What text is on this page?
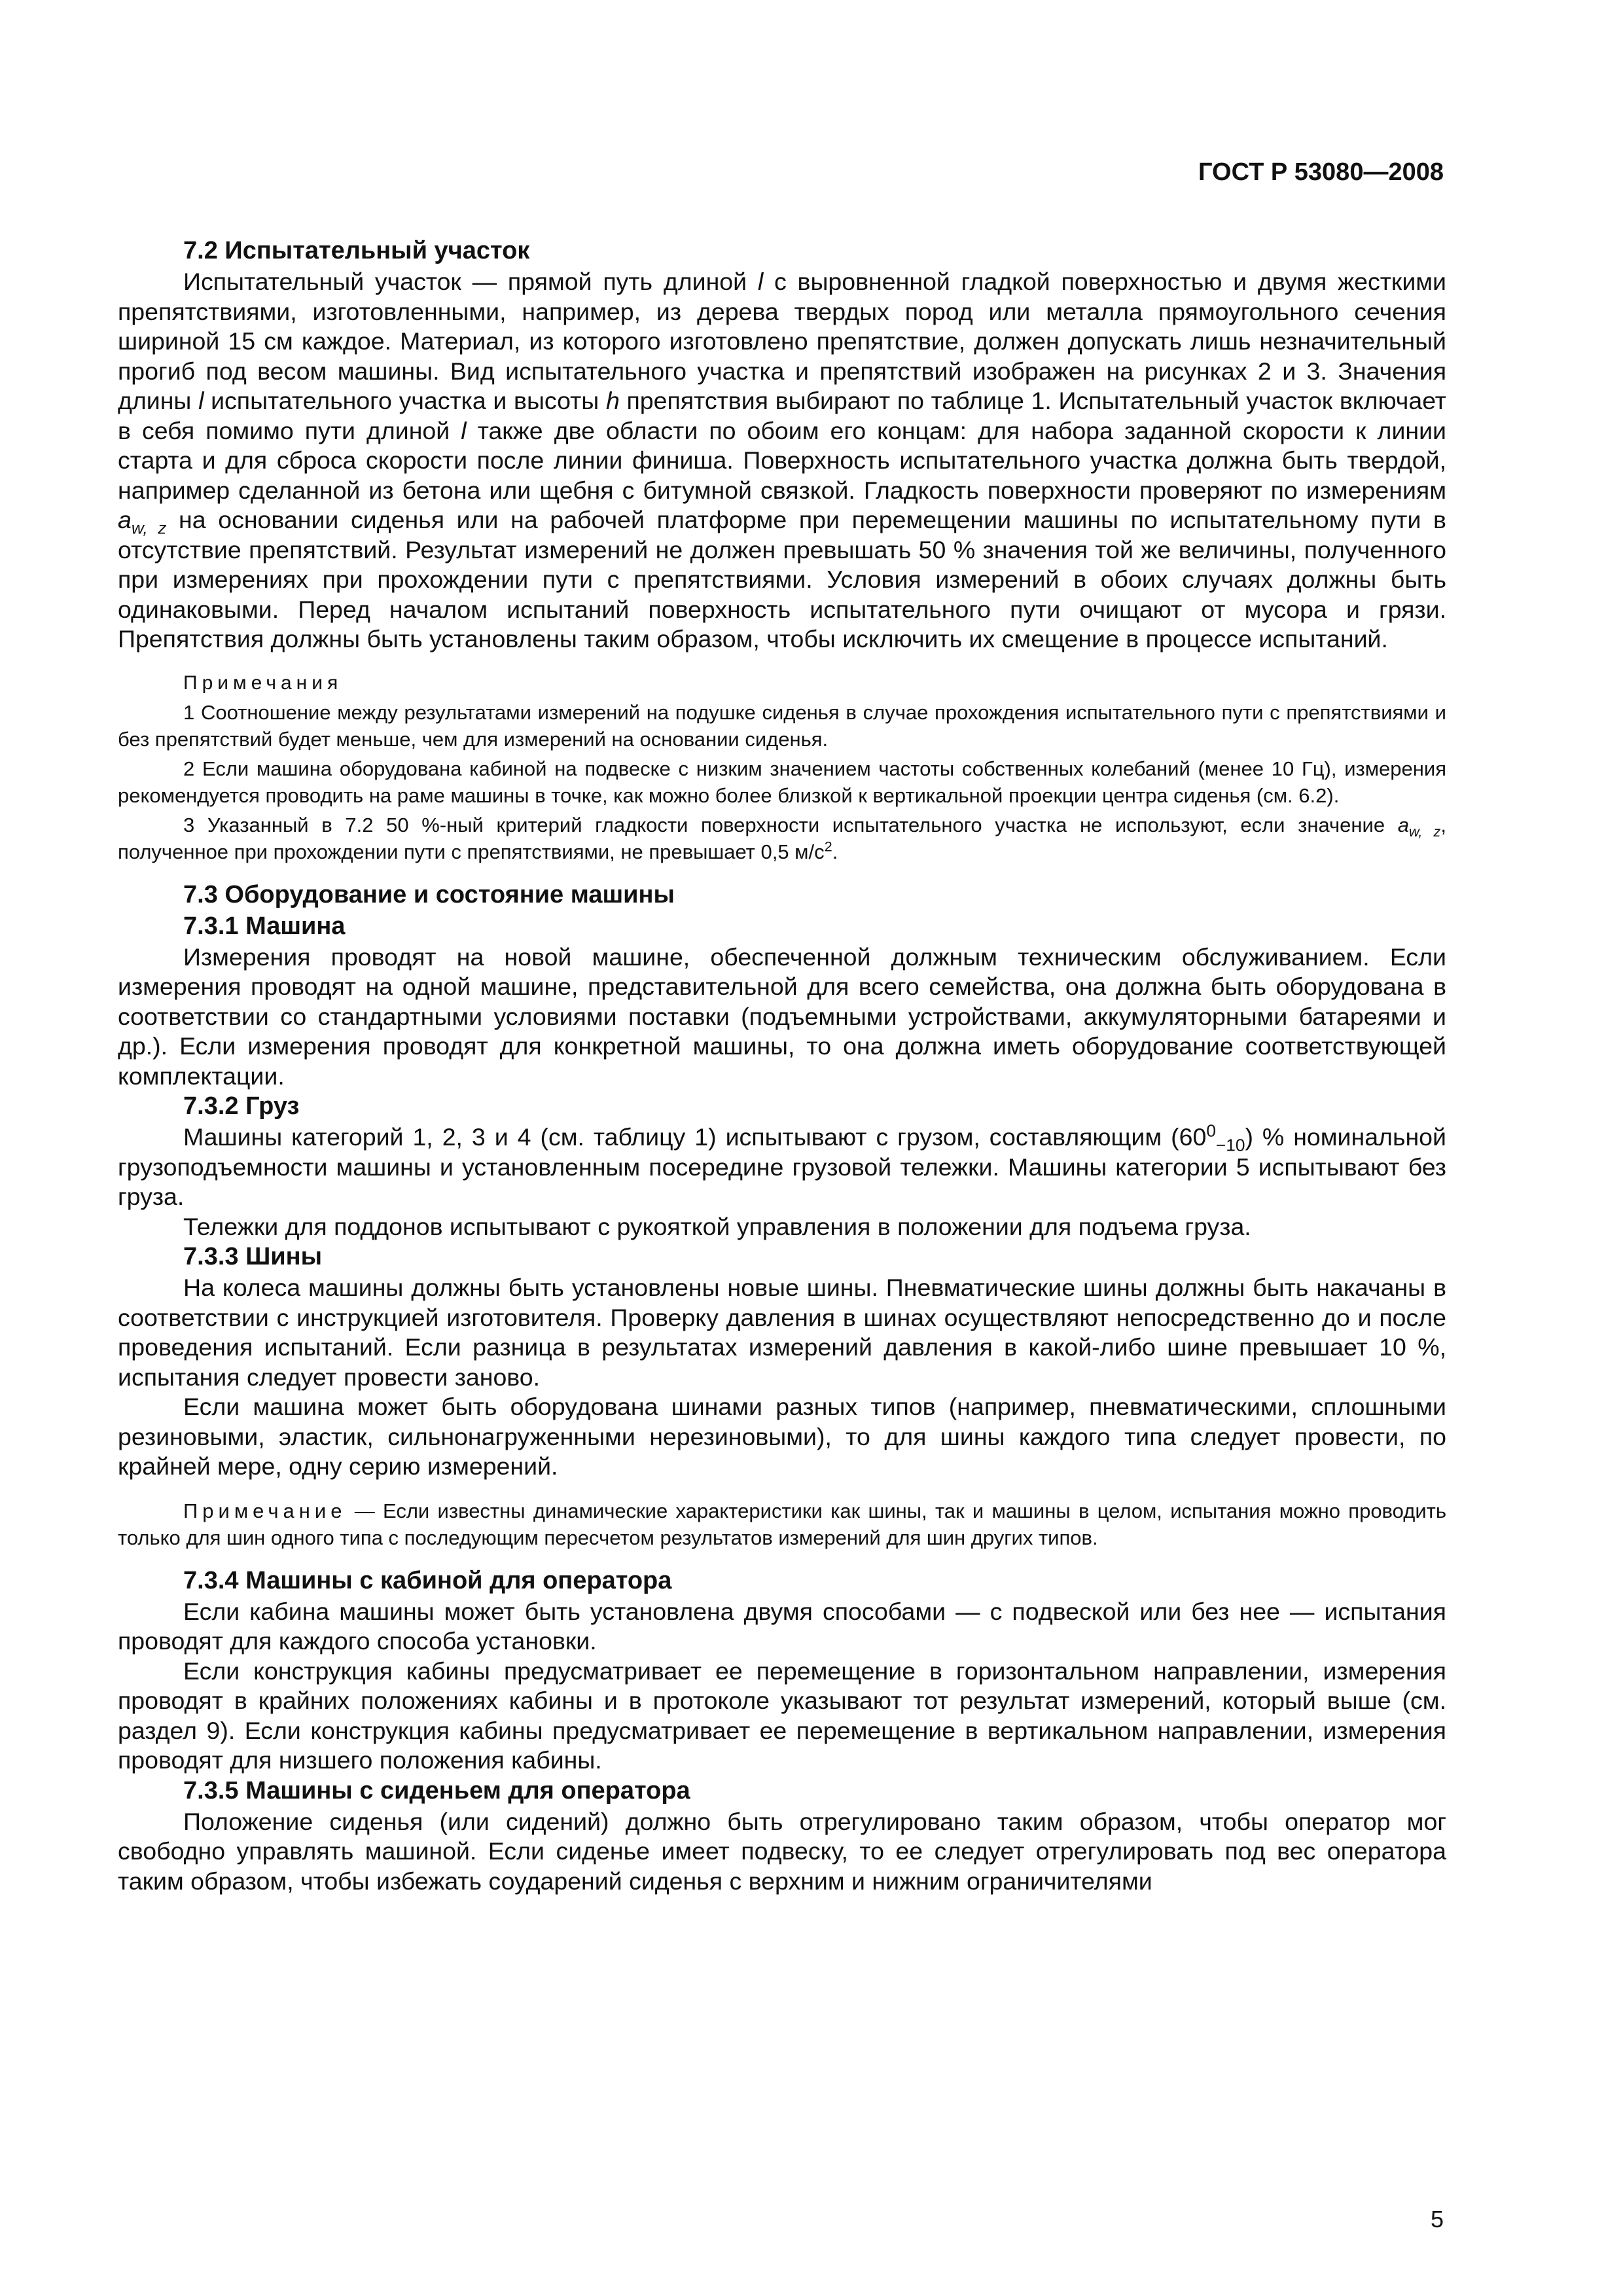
ГОСТ Р 53080—2008
7.2 Испытательный участок

Испытательный участок — прямой путь длиной l с выровненной гладкой поверхностью и двумя жесткими препятствиями, изготовленными, например, из дерева твердых пород или металла прямоугольного сечения шириной 15 см каждое. Материал, из которого изготовлено препятствие, должен допускать лишь незначительный прогиб под весом машины. Вид испытательного участка и препятствий изображен на рисунках 2 и 3. Значения длины l испытательного участка и высоты h препятствия выбирают по таблице 1. Испытательный участок включает в себя помимо пути длиной l также две области по обоим его концам: для набора заданной скорости к линии старта и для сброса скорости после линии финиша. Поверхность испытательного участка должна быть твердой, например сделанной из бетона или щебня с битумной связкой. Гладкость поверхности проверяют по измерениям $a_{w, z}$ на основании сиденья или на рабочей платформе при перемещении машины по испытательному пути в отсутствие препятствий. Результат измерений не должен превышать 50 % значения той же величины, полученного при измерениях при прохождении пути с препятствиями. Условия измерений в обоих случаях должны быть одинаковыми. Перед началом испытаний поверхность испытательного пути очищают от мусора и грязи. Препятствия должны быть установлены таким образом, чтобы исключить их смещение в процессе испытаний.

Примечания

1 Соотношение между результатами измерений на подушке сиденья в случае прохождения испытательного пути с препятствиями и без препятствий будет меньше, чем для измерений на основании сиденья.

2 Если машина оборудована кабиной на подвеске с низким значением частоты собственных колебаний (менее 10 Гц), измерения рекомендуется проводить на раме машины в точке, как можно более близкой к вертикальной проекции центра сиденья (см. 6.2).

3 Указанный в 7.2 50 %-ный критерий гладкости поверхности испытательного участка не используют, если значение $a_{w, z}$, полученное при прохождении пути с препятствиями, не превышает 0,5 $м/с^2$.

7.3 Оборудование и состояние машины
7.3.1 Машина

Измерения проводят на новой машине, обеспеченной должным техническим обслуживанием. Если измерения проводят на одной машине, представительной для всего семейства, она должна быть оборудована в соответствии со стандартными условиями поставки (подъемными устройствами, аккумуляторными батареями и др.). Если измерения проводят для конкретной машины, то она должна иметь оборудование соответствующей комплектации.

7.3.2 Груз

Машины категорий 1, 2, 3 и 4 (см. таблицу 1) испытывают с грузом, составляющим $(60^0_{-10})$ % номинальной грузоподъемности машины и установленным посередине грузовой тележки. Машины категории 5 испытывают без груза.

Тележки для поддонов испытывают с рукояткой управления в положении для подъема груза.

7.3.3 Шины

На колеса машины должны быть установлены новые шины. Пневматические шины должны быть накачаны в соответствии с инструкцией изготовителя. Проверку давления в шинах осуществляют непосредственно до и после проведения испытаний. Если разница в результатах измерений давления в какой-либо шине превышает 10 %, испытания следует провести заново.

Если машина может быть оборудована шинами разных типов (например, пневматическими, сплошными резиновыми, эластик, сильнонагруженными нерезиновыми), то для шины каждого типа следует провести, по крайней мере, одну серию измерений.

Примечание — Если известны динамические характеристики как шины, так и машины в целом, испытания можно проводить только для шин одного типа с последующим пересчетом результатов измерений для шин других типов.

7.3.4 Машины с кабиной для оператора

Если кабина машины может быть установлена двумя способами — с подвеской или без нее — испытания проводят для каждого способа установки.

Если конструкция кабины предусматривает ее перемещение в горизонтальном направлении, измерения проводят в крайних положениях кабины и в протоколе указывают тот результат измерений, который выше (см. раздел 9). Если конструкция кабины предусматривает ее перемещение в вертикальном направлении, измерения проводят для низшего положения кабины.

7.3.5 Машины с сиденьем для оператора

Положение сиденья (или сидений) должно быть отрегулировано таким образом, чтобы оператор мог свободно управлять машиной. Если сиденье имеет подвеску, то ее следует отрегулировать под вес оператора таким образом, чтобы избежать соударений сиденья с верхним и нижним ограничителями

5
